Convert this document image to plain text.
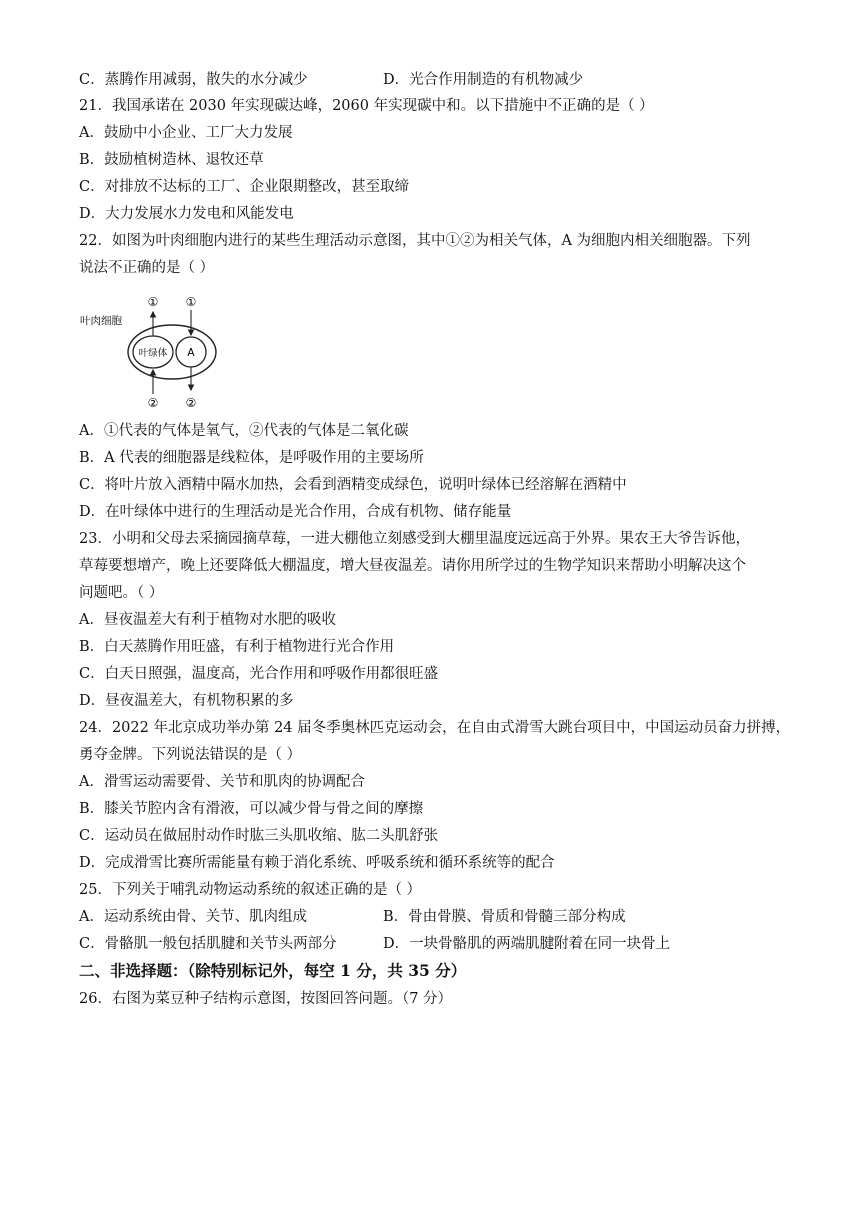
C．蒸腾作用减弱，散失的水分减少	D．光合作用制造的有机物减少
21．我国承诺在 2030 年实现碳达峰，2060 年实现碳中和。以下措施中不正确的是（ ）
A．鼓励中小企业、工厂大力发展
B．鼓励植树造林、退牧还草
C．对排放不达标的工厂、企业限期整改，甚至取缔
D．大力发展水力发电和风能发电
22．如图为叶肉细胞内进行的某些生理活动示意图，其中①②为相关气体，A 为细胞内相关细胞器。下列
说法不正确的是（ ）
叶肉细胞
叶绿体 A
① ①
② ②
A．①代表的气体是氧气，②代表的气体是二氧化碳
B．A 代表的细胞器是线粒体，是呼吸作用的主要场所
C．将叶片放入酒精中隔水加热，会看到酒精变成绿色，说明叶绿体已经溶解在酒精中
D．在叶绿体中进行的生理活动是光合作用，合成有机物、储存能量
23．小明和父母去采摘园摘草莓，一进大棚他立刻感受到大棚里温度远远高于外界。果农王大爷告诉他，
草莓要想增产，晚上还要降低大棚温度，增大昼夜温差。请你用所学过的生物学知识来帮助小明解决这个
问题吧。（ ）
A．昼夜温差大有利于植物对水肥的吸收
B．白天蒸腾作用旺盛，有利于植物进行光合作用
C．白天日照强，温度高，光合作用和呼吸作用都很旺盛
D．昼夜温差大，有机物积累的多
24．2022 年北京成功举办第 24 届冬季奥林匹克运动会，在自由式滑雪大跳台项目中，中国运动员奋力拼搏，
勇夺金牌。下列说法错误的是（ ）
A．滑雪运动需要骨、关节和肌肉的协调配合
B．膝关节腔内含有滑液，可以减少骨与骨之间的摩擦
C．运动员在做屈肘动作时肱三头肌收缩、肱二头肌舒张
D．完成滑雪比赛所需能量有赖于消化系统、呼吸系统和循环系统等的配合
25．下列关于哺乳动物运动系统的叙述正确的是（ ）
A．运动系统由骨、关节、肌肉组成	B．骨由骨膜、骨质和骨髓三部分构成
C．骨骼肌一般包括肌腱和关节头两部分	D．一块骨骼肌的两端肌腱附着在同一块骨上
二、非选择题：（除特别标记外，每空 1 分，共 35 分）
26．右图为菜豆种子结构示意图，按图回答问题。（7 分）
